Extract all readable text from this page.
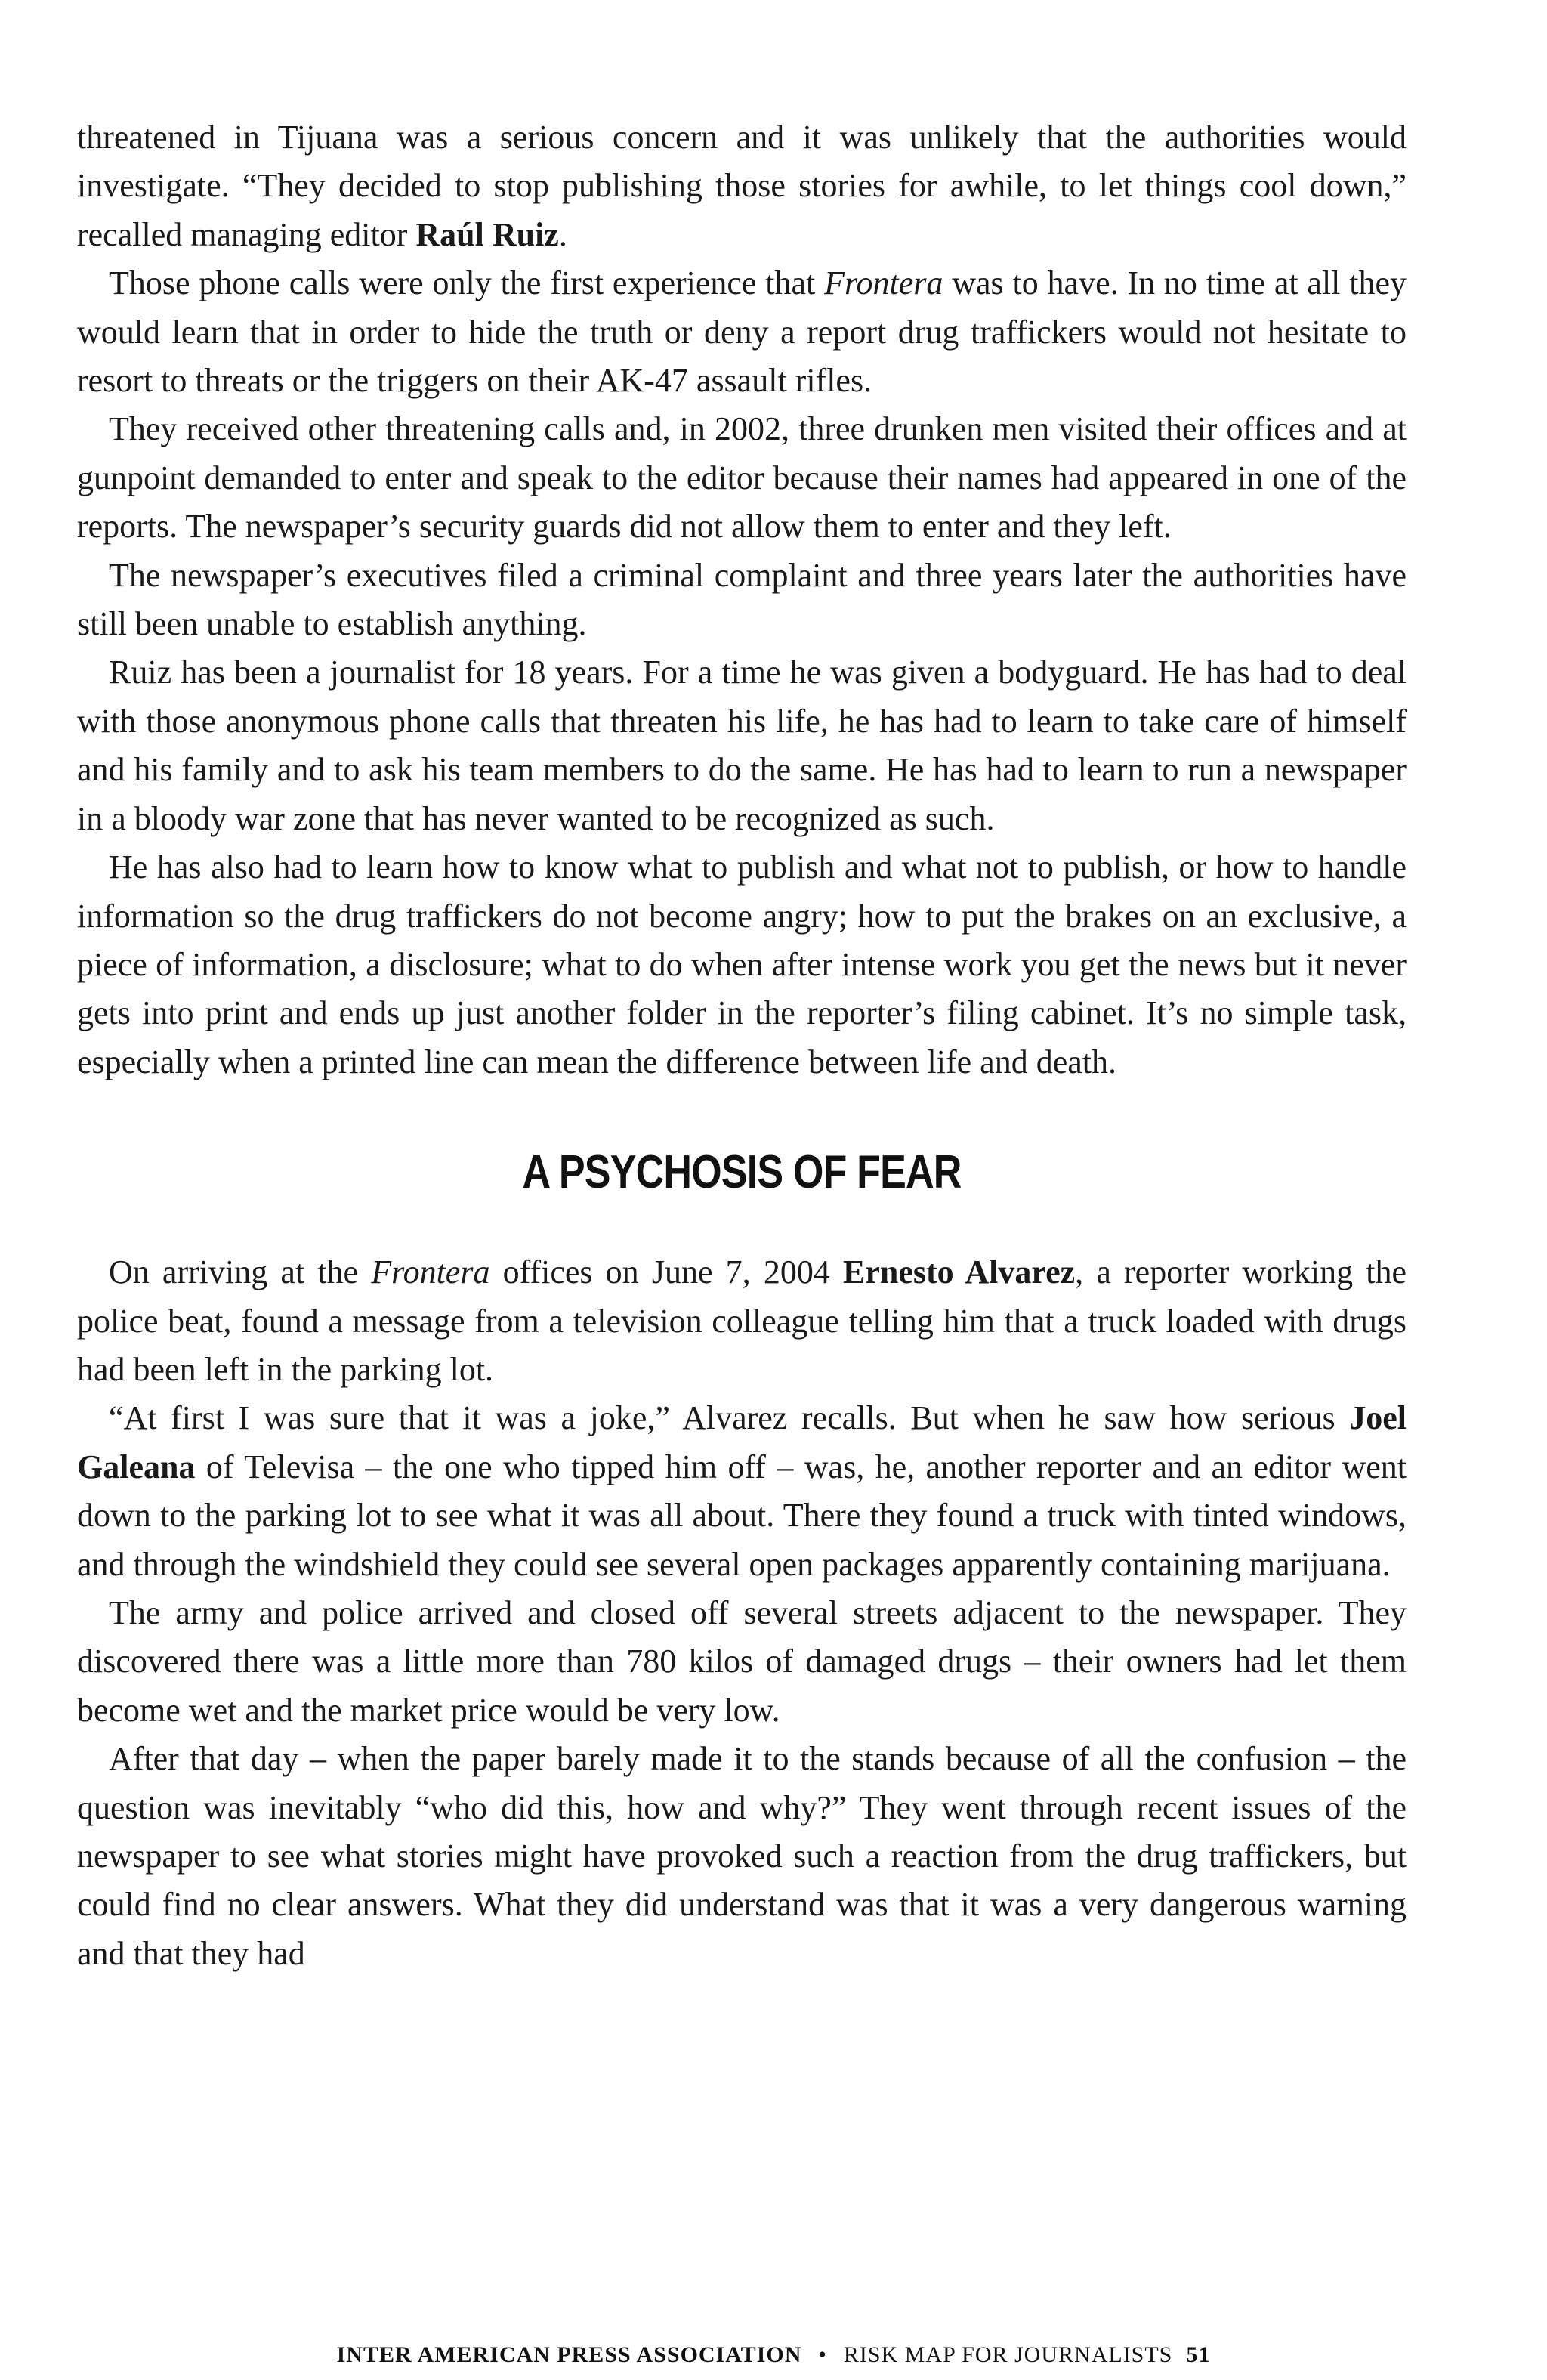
threatened in Tijuana was a serious concern and it was unlikely that the authorities would investigate. “They decided to stop publishing those stories for awhile, to let things cool down,” recalled managing editor Raúl Ruiz.

Those phone calls were only the first experience that Frontera was to have. In no time at all they would learn that in order to hide the truth or deny a report drug traffickers would not hesitate to resort to threats or the triggers on their AK-47 assault rifles.

They received other threatening calls and, in 2002, three drunken men visited their offices and at gunpoint demanded to enter and speak to the editor because their names had appeared in one of the reports. The newspaper’s security guards did not allow them to enter and they left.

The newspaper’s executives filed a criminal complaint and three years later the authorities have still been unable to establish anything.

Ruiz has been a journalist for 18 years. For a time he was given a bodyguard. He has had to deal with those anonymous phone calls that threaten his life, he has had to learn to take care of himself and his family and to ask his team members to do the same. He has had to learn to run a newspaper in a bloody war zone that has never wanted to be recognized as such.

He has also had to learn how to know what to publish and what not to publish, or how to handle information so the drug traffickers do not become angry; how to put the brakes on an exclusive, a piece of information, a disclosure; what to do when after intense work you get the news but it never gets into print and ends up just another folder in the reporter’s filing cabinet. It’s no simple task, especially when a printed line can mean the difference between life and death.

A PSYCHOSIS OF FEAR

On arriving at the Frontera offices on June 7, 2004 Ernesto Alvarez, a reporter working the police beat, found a message from a television colleague telling him that a truck loaded with drugs had been left in the parking lot.

“At first I was sure that it was a joke,” Alvarez recalls. But when he saw how serious Joel Galeana of Televisa – the one who tipped him off – was, he, another reporter and an editor went down to the parking lot to see what it was all about. There they found a truck with tinted windows, and through the windshield they could see several open packages apparently containing marijuana.

The army and police arrived and closed off several streets adjacent to the newspaper. They discovered there was a little more than 780 kilos of damaged drugs – their owners had let them become wet and the market price would be very low.

After that day – when the paper barely made it to the stands because of all the confusion – the question was inevitably “who did this, how and why?” They went through recent issues of the newspaper to see what stories might have provoked such a reaction from the drug traffickers, but could find no clear answers. What they did understand was that it was a very dangerous warning and that they had

INTER AMERICAN PRESS ASSOCIATION • RISK MAP FOR JOURNALISTS 51
